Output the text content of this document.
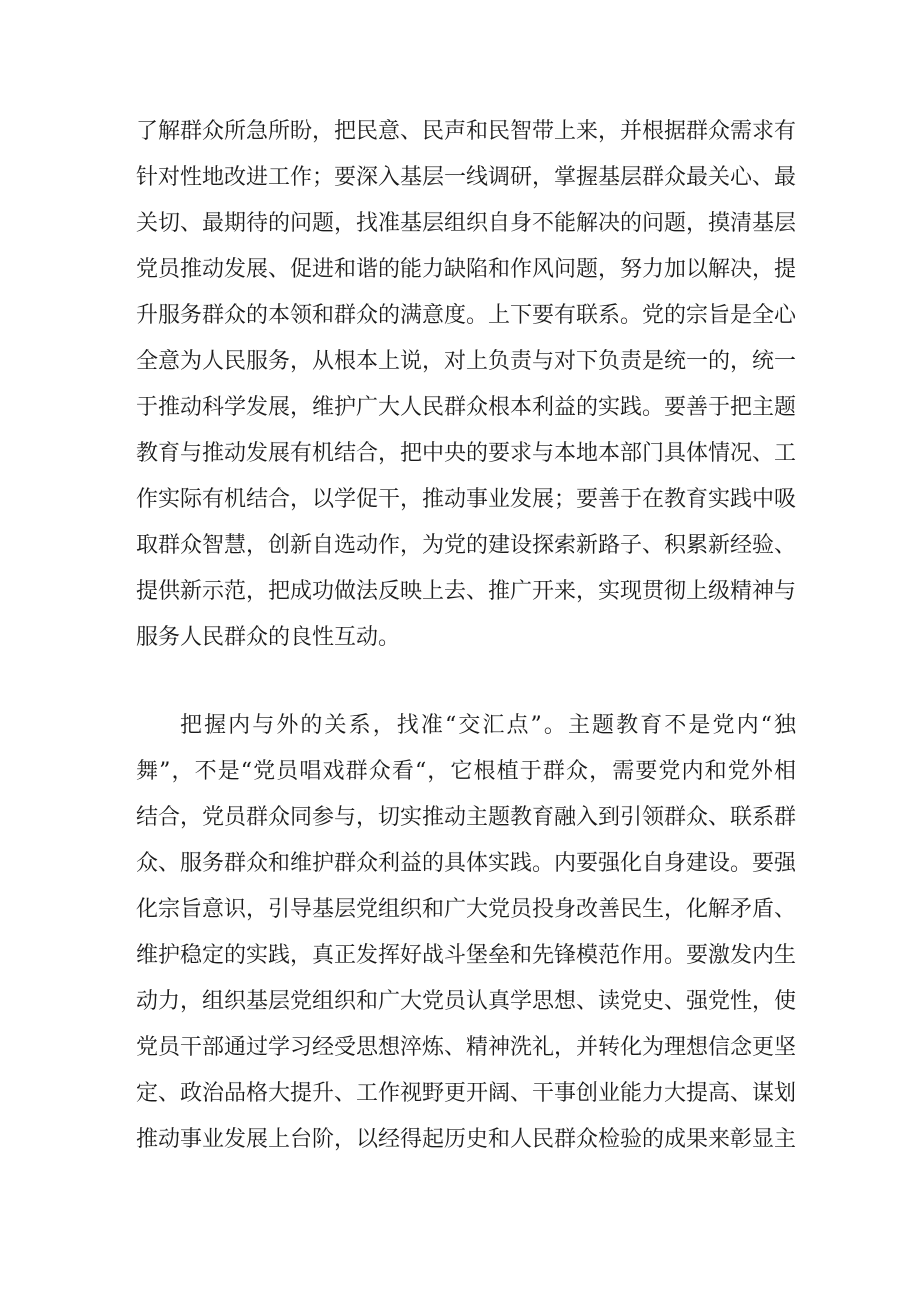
了解群众所急所盼，把民意、民声和民智带上来，并根据群众需求有
针对性地改进工作；要深入基层一线调研，掌握基层群众最关心、最
关切、最期待的问题，找准基层组织自身不能解决的问题，摸清基层
党员推动发展、促进和谐的能力缺陷和作风问题，努力加以解决，提
升服务群众的本领和群众的满意度。上下要有联系。党的宗旨是全心
全意为人民服务，从根本上说，对上负责与对下负责是统一的，统一
于推动科学发展，维护广大人民群众根本利益的实践。要善于把主题
教育与推动发展有机结合，把中央的要求与本地本部门具体情况、工
作实际有机结合，以学促干，推动事业发展；要善于在教育实践中吸
取群众智慧，创新自选动作，为党的建设探索新路子、积累新经验、
提供新示范，把成功做法反映上去、推广开来，实现贯彻上级精神与
服务人民群众的良性互动。
把握内与外的关系，找准“交汇点”。主题教育不是党内“独
舞”，不是“党员唱戏群众看“，它根植于群众，需要党内和党外相
结合，党员群众同参与，切实推动主题教育融入到引领群众、联系群
众、服务群众和维护群众利益的具体实践。内要强化自身建设。要强
化宗旨意识，引导基层党组织和广大党员投身改善民生，化解矛盾、
维护稳定的实践，真正发挥好战斗堡垒和先锋模范作用。要激发内生
动力，组织基层党组织和广大党员认真学思想、读党史、强党性，使
党员干部通过学习经受思想淬炼、精神洗礼，并转化为理想信念更坚
定、政治品格大提升、工作视野更开阔、干事创业能力大提高、谋划
推动事业发展上台阶，以经得起历史和人民群众检验的成果来彰显主
